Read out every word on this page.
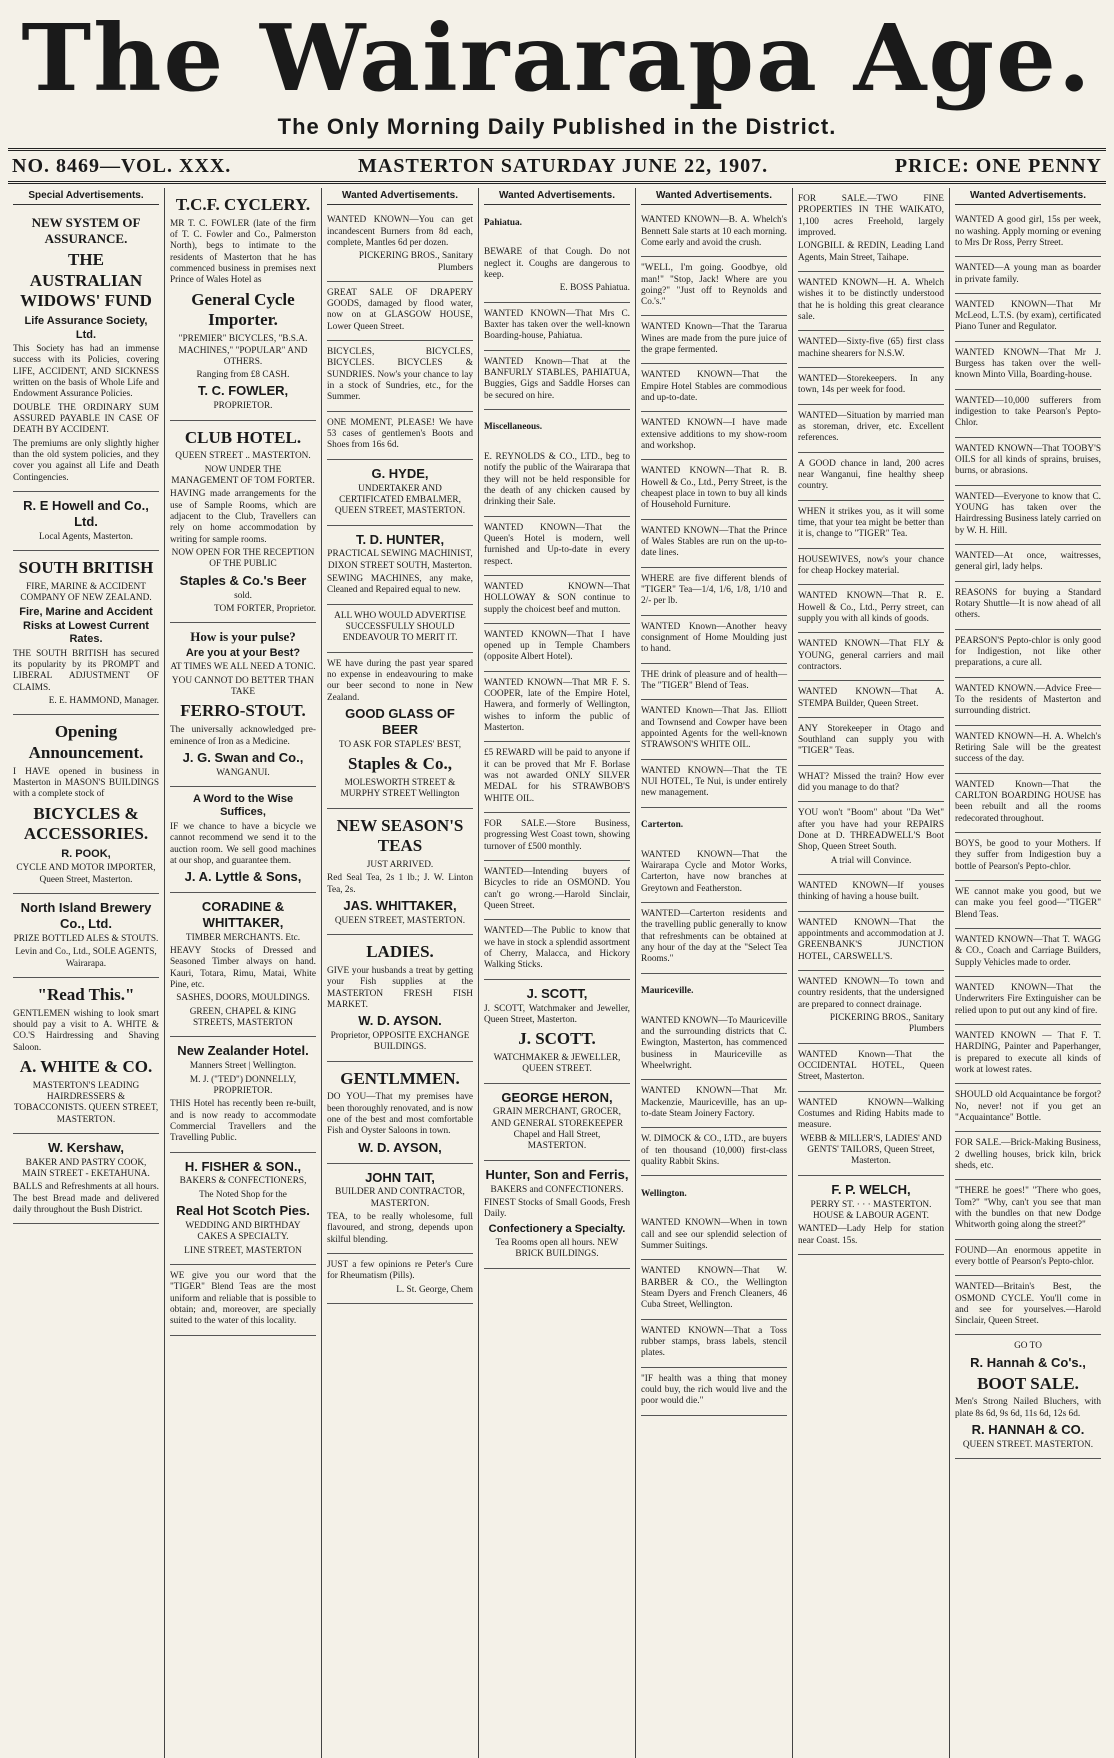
The Wairarapa Age.
The Only Morning Daily Published in the District.
NO. 8469—VOL. XXX.	MASTERTON SATURDAY JUNE 22, 1907.	PRICE: ONE PENNY
Special Advertisements.
NEW SYSTEM OF ASSURANCE.
THE AUSTRALIAN WIDOWS' FUND
Life Assurance Society, Ltd.

This Society has had an immense success with its Policies, covering LIFE, ACCIDENT, AND SICKNESS written on the basis of Whole Life and Endowment Assurance Policies.

DOUBLE THE ORDINARY SUM ASSURED PAYABLE IN CASE OF DEATH BY ACCIDENT.

The premiums are only slightly higher than the old system policies, and they cover you against all Life and Death Contingencies.

R. E Howell and Co., Ltd.

Local Agents, Masterton.

SOUTH BRITISH

FIRE, MARINE & ACCIDENT COMPANY OF NEW ZEALAND.

Fire, Marine and Accident Risks at Lowest Current Rates.

THE SOUTH BRITISH has secured its popularity by its PROMPT and LIBERAL ADJUSTMENT OF CLAIMS.

E. E. HAMMOND, Manager.

Opening Announcement.

I HAVE opened in business in Masterton in MASON'S BUILDINGS with a complete stock of

BICYCLES & ACCESSORIES.
R. POOK,

CYCLE AND MOTOR IMPORTER, Queen Street, Masterton.

North Island Brewery Co., Ltd.

PRIZE BOTTLED ALES & STOUTS.

Levin and Co., Ltd., SOLE AGENTS, Wairarapa.

"Read This."

GENTLEMEN wishing to look smart should pay a visit to A. WHITE & CO.'S Hairdressing and Shaving Saloon.

A. WHITE & CO.

MASTERTON'S LEADING HAIRDRESSERS & TOBACCONISTS. QUEEN STREET, MASTERTON.

W. Kershaw,

BAKER AND PASTRY COOK, MAIN STREET - EKETAHUNA.

BALLS and Refreshments at all hours. The best Bread made and delivered daily throughout the Bush District.

T.C.F. CYCLERY.

MR T. C. FOWLER (late of the firm of T. C. Fowler and Co., Palmerston North), begs to intimate to the residents of Masterton that he has commenced business in premises next Prince of Wales Hotel as

General Cycle Importer.

"PREMIER" BICYCLES, "B.S.A. MACHINES," "POPULAR" AND OTHERS.

Ranging from £8 CASH.

T. C. FOWLER,

PROPRIETOR.

CLUB HOTEL.

QUEEN STREET .. MASTERTON.

NOW UNDER THE MANAGEMENT OF TOM FORTER.

HAVING made arrangements for the use of Sample Rooms, which are adjacent to the Club, Travellers can rely on home accommodation by writing for sample rooms.

NOW OPEN FOR THE RECEPTION OF THE PUBLIC

Staples & Co.'s Beer

sold.

TOM FORTER, Proprietor.

How is your pulse?
Are you at your Best?

AT TIMES WE ALL NEED A TONIC.

YOU CANNOT DO BETTER THAN TAKE

FERRO-STOUT.

The universally acknowledged pre-eminence of Iron as a Medicine.

J. G. Swan and Co.,

WANGANUI.

A Word to the Wise Suffices,

IF we chance to have a bicycle we cannot recommend we send it to the auction room. We sell good machines at our shop, and guarantee them.

J. A. Lyttle & Sons,
CORADINE & WHITTAKER,

TIMBER MERCHANTS. Etc.

HEAVY Stocks of Dressed and Seasoned Timber always on hand. Kauri, Totara, Rimu, Matai, White Pine, etc.

SASHES, DOORS, MOULDINGS.

GREEN, CHAPEL & KING STREETS, MASTERTON

New Zealander Hotel.

Manners Street | Wellington.

M. J. ("TED") DONNELLY, PROPRIETOR.

THIS Hotel has recently been re-built, and is now ready to accommodate Commercial Travellers and the Travelling Public.

H. FISHER & SON.,

BAKERS & CONFECTIONERS,

The Noted Shop for the

Real Hot Scotch Pies.

WEDDING AND BIRTHDAY CAKES A SPECIALTY.

LINE STREET, MASTERTON

WE give you our word that the "TIGER" Blend Teas are the most uniform and reliable that is possible to obtain; and, moreover, are specially suited to the water of this locality.

Wanted Advertisements.

WANTED KNOWN—You can get incandescent Burners from 8d each, complete, Mantles 6d per dozen.

PICKERING BROS., Sanitary Plumbers

GREAT SALE OF DRAPERY GOODS, damaged by flood water, now on at GLASGOW HOUSE, Lower Queen Street.

BICYCLES, BICYCLES, BICYCLES. BICYCLES & SUNDRIES. Now's your chance to lay in a stock of Sundries, etc., for the Summer.

ONE MOMENT, PLEASE! We have 53 cases of gentlemen's Boots and Shoes from 16s 6d.

G. HYDE,

UNDERTAKER AND CERTIFICATED EMBALMER, QUEEN STREET, MASTERTON.

T. D. HUNTER,

PRACTICAL SEWING MACHINIST, DIXON STREET SOUTH, Masterton.

SEWING MACHINES, any make, Cleaned and Repaired equal to new.

ALL WHO WOULD ADVERTISE SUCCESSFULLY SHOULD ENDEAVOUR TO MERIT IT.

WE have during the past year spared no expense in endeavouring to make our beer second to none in New Zealand.

GOOD GLASS OF BEER

TO ASK FOR STAPLES' BEST,

Staples & Co.,

MOLESWORTH STREET & MURPHY STREET Wellington

NEW SEASON'S TEAS

JUST ARRIVED.

Red Seal Tea, 2s 1 lb.; J. W. Linton Tea, 2s.

JAS. WHITTAKER,

QUEEN STREET, MASTERTON.

LADIES.

GIVE your husbands a treat by getting your Fish supplies at the MASTERTON FRESH FISH MARKET.

W. D. AYSON.

Proprietor, OPPOSITE EXCHANGE BUILDINGS.

GENTLMMEN.

DO YOU—That my premises have been thoroughly renovated, and is now one of the best and most comfortable Fish and Oyster Saloons in town.

W. D. AYSON,
JOHN TAIT,

BUILDER AND CONTRACTOR, MASTERTON.

TEA, to be really wholesome, full flavoured, and strong, depends upon skilful blending.

JUST a few opinions re Peter's Cure for Rheumatism (Pills).

L. St. George, Chem

Wanted Advertisements.
Pahiatua.

BEWARE of that Cough. Do not neglect it. Coughs are dangerous to keep.

E. BOSS Pahiatua.

WANTED KNOWN—That Mrs C. Baxter has taken over the well-known Boarding-house, Pahiatua.

WANTED Known—That at the BANFURLY STABLES, PAHIATUA, Buggies, Gigs and Saddle Horses can be secured on hire.

Miscellaneous.

E. REYNOLDS & CO., LTD., beg to notify the public of the Wairarapa that they will not be held responsible for the death of any chicken caused by drinking their Sale.

WANTED KNOWN—That the Queen's Hotel is modern, well furnished and Up-to-date in every respect.

WANTED KNOWN—That HOLLOWAY & SON continue to supply the choicest beef and mutton.

WANTED KNOWN—That I have opened up in Temple Chambers (opposite Albert Hotel).

WANTED KNOWN—That MR F. S. COOPER, late of the Empire Hotel, Hawera, and formerly of Wellington, wishes to inform the public of Masterton.

£5 REWARD will be paid to anyone if it can be proved that Mr F. Borlase was not awarded ONLY SILVER MEDAL for his STRAWBOB'S WHITE OIL.

FOR SALE.—Store Business, progressing West Coast town, showing turnover of £500 monthly.

WANTED—Intending buyers of Bicycles to ride an OSMOND. You can't go wrong.—Harold Sinclair, Queen Street.

WANTED—The Public to know that we have in stock a splendid assortment of Cherry, Malacca, and Hickory Walking Sticks.

J. SCOTT,

J. SCOTT, Watchmaker and Jeweller, Queen Street, Masterton.

J. SCOTT.

WATCHMAKER & JEWELLER, QUEEN STREET.

GEORGE HERON,

GRAIN MERCHANT, GROCER, AND GENERAL STOREKEEPER Chapel and Hall Street, MASTERTON.

Hunter, Son and Ferris,

BAKERS and CONFECTIONERS.

FINEST Stocks of Small Goods, Fresh Daily.

Confectionery a Specialty.

Tea Rooms open all hours. NEW BRICK BUILDINGS.

Wanted Advertisements.

WANTED KNOWN—B. A. Whelch's Bennett Sale starts at 10 each morning. Come early and avoid the crush.

"WELL, I'm going. Goodbye, old man!" "Stop, Jack! Where are you going?" "Just off to Reynolds and Co.'s."

WANTED Known—That the Tararua Wines are made from the pure juice of the grape fermented.

WANTED KNOWN—That the Empire Hotel Stables are commodious and up-to-date.

WANTED KNOWN—I have made extensive additions to my show-room and workshop.

WANTED KNOWN—That R. B. Howell & Co., Ltd., Perry Street, is the cheapest place in town to buy all kinds of Household Furniture.

WANTED KNOWN—That the Prince of Wales Stables are run on the up-to-date lines.

WHERE are five different blends of "TIGER" Tea—1/4, 1/6, 1/8, 1/10 and 2/- per lb.

WANTED Known—Another heavy consignment of Home Moulding just to hand.

THE drink of pleasure and of health—The "TIGER" Blend of Teas.

WANTED Known—That Jas. Elliott and Townsend and Cowper have been appointed Agents for the well-known STRAWSON'S WHITE OIL.

WANTED KNOWN—That the TE NUI HOTEL, Te Nui, is under entirely new management.

Carterton.

WANTED KNOWN—That the Wairarapa Cycle and Motor Works, Carterton, have now branches at Greytown and Featherston.

WANTED—Carterton residents and the travelling public generally to know that refreshments can be obtained at any hour of the day at the "Select Tea Rooms."

Mauriceville.

WANTED KNOWN—To Mauriceville and the surrounding districts that C. Ewington, Masterton, has commenced business in Mauriceville as Wheelwright.

WANTED KNOWN—That Mr. Mackenzie, Mauriceville, has an up-to-date Steam Joinery Factory.

W. DIMOCK & CO., LTD., are buyers of ten thousand (10,000) first-class quality Rabbit Skins.

Wellington.

WANTED KNOWN—When in town call and see our splendid selection of Summer Suitings.

WANTED KNOWN—That W. BARBER & CO., the Wellington Steam Dyers and French Cleaners, 46 Cuba Street, Wellington.

WANTED KNOWN—That a Toss rubber stamps, brass labels, stencil plates.

"IF health was a thing that money could buy, the rich would live and the poor would die."

FOR SALE.—TWO FINE PROPERTIES IN THE WAIKATO, 1,100 acres Freehold, largely improved.

LONGBILL & REDIN, Leading Land Agents, Main Street, Taihape.

WANTED KNOWN—H. A. Whelch wishes it to be distinctly understood that he is holding this great clearance sale.

WANTED—Sixty-five (65) first class machine shearers for N.S.W.

WANTED—Storekeepers. In any town, 14s per week for food.

WANTED—Situation by married man as storeman, driver, etc. Excellent references.

A GOOD chance in land, 200 acres near Wanganui, fine healthy sheep country.

WHEN it strikes you, as it will some time, that your tea might be better than it is, change to "TIGER" Tea.

HOUSEWIVES, now's your chance for cheap Hockey material.

WANTED KNOWN—That R. E. Howell & Co., Ltd., Perry street, can supply you with all kinds of goods.

WANTED KNOWN—That FLY & YOUNG, general carriers and mail contractors.

WANTED KNOWN—That A. STEMPA Builder, Queen Street.

ANY Storekeeper in Otago and Southland can supply you with "TIGER" Teas.

WHAT? Missed the train? How ever did you manage to do that?

YOU won't "Boom" about "Da Wet" after you have had your REPAIRS Done at D. THREADWELL'S Boot Shop, Queen Street South.

A trial will Convince.

WANTED KNOWN—If youses thinking of having a house built.

WANTED KNOWN—That the appointments and accommodation at J. GREENBANK'S JUNCTION HOTEL, CARSWELL'S.

WANTED KNOWN—To town and country residents, that the undersigned are prepared to connect drainage.

PICKERING BROS., Sanitary Plumbers

WANTED Known—That the OCCIDENTAL HOTEL, Queen Street, Masterton.

WANTED KNOWN—Walking Costumes and Riding Habits made to measure.

WEBB & MILLER'S, LADIES' AND GENTS' TAILORS, Queen Street, Masterton.

F. P. WELCH,

PERRY ST. · · · MASTERTON. HOUSE & LABOUR AGENT.

WANTED—Lady Help for station near Coast. 15s.

Wanted Advertisements.

WANTED A good girl, 15s per week, no washing. Apply morning or evening to Mrs Dr Ross, Perry Street.

WANTED—A young man as boarder in private family.

WANTED KNOWN—That Mr McLeod, L.T.S. (by exam), certificated Piano Tuner and Regulator.

WANTED KNOWN—That Mr J. Burgess has taken over the well-known Minto Villa, Boarding-house.

WANTED—10,000 sufferers from indigestion to take Pearson's Pepto-Chlor.

WANTED KNOWN—That TOOBY'S OILS for all kinds of sprains, bruises, burns, or abrasions.

WANTED—Everyone to know that C. YOUNG has taken over the Hairdressing Business lately carried on by W. H. Hill.

WANTED—At once, waitresses, general girl, lady helps.

REASONS for buying a Standard Rotary Shuttle—It is now ahead of all others.

PEARSON'S Pepto-chlor is only good for Indigestion, not like other preparations, a cure all.

WANTED KNOWN.—Advice Free—To the residents of Masterton and surrounding district.

WANTED KNOWN—H. A. Whelch's Retiring Sale will be the greatest success of the day.

WANTED Known—That the CARLTON BOARDING HOUSE has been rebuilt and all the rooms redecorated throughout.

BOYS, be good to your Mothers. If they suffer from Indigestion buy a bottle of Pearson's Pepto-chlor.

WE cannot make you good, but we can make you feel good—"TIGER" Blend Teas.

WANTED KNOWN—That T. WAGG & CO., Coach and Carriage Builders, Supply Vehicles made to order.

WANTED KNOWN—That the Underwriters Fire Extinguisher can be relied upon to put out any kind of fire.

WANTED KNOWN — That F. T. HARDING, Painter and Paperhanger, is prepared to execute all kinds of work at lowest rates.

SHOULD old Acquaintance be forgot? No, never! not if you get an "Acquaintance" Bottle.

FOR SALE.—Brick-Making Business, 2 dwelling houses, brick kiln, brick sheds, etc.

"THERE he goes!" "There who goes, Tom?" "Why, can't you see that man with the bundles on that new Dodge Whitworth going along the street?"

FOUND—An enormous appetite in every bottle of Pearson's Pepto-chlor.

WANTED—Britain's Best, the OSMOND CYCLE. You'll come in and see for yourselves.—Harold Sinclair, Queen Street.

GO TO

R. Hannah & Co's.,
BOOT SALE.

Men's Strong Nailed Bluchers, with plate 8s 6d, 9s 6d, 11s 6d, 12s 6d.

R. HANNAH & CO.

QUEEN STREET. MASTERTON.
